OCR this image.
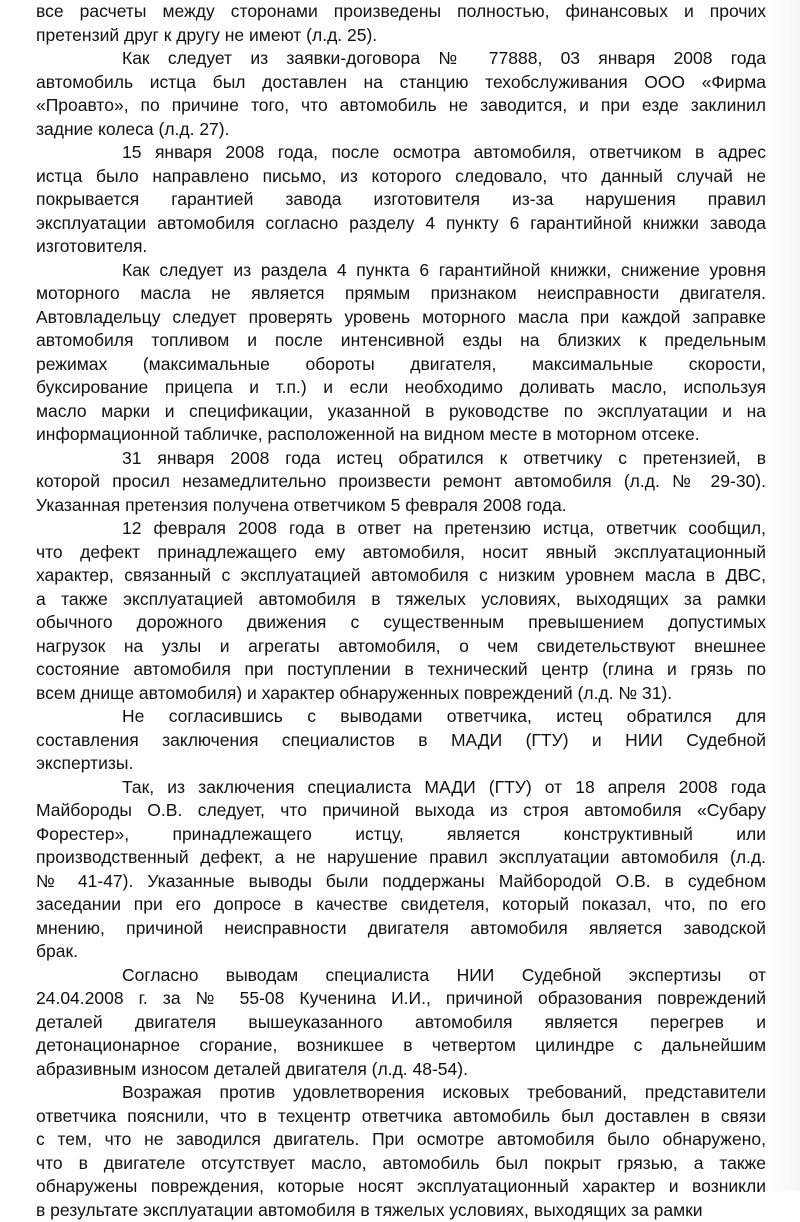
все расчеты между сторонами произведены полностью, финансовых и прочих
претензий друг к другу не имеют (л.д. 25).
Как следует из заявки-договора № 77888, 03 января 2008 года
автомобиль истца был доставлен на станцию техобслуживания ООО «Фирма
«Проавто», по причине того, что автомобиль не заводится, и при езде заклинил
задние колеса (л.д. 27).
15 января 2008 года, после осмотра автомобиля, ответчиком в адрес
истца было направлено письмо, из которого следовало, что данный случай не
покрывается гарантией завода изготовителя из-за нарушения правил
эксплуатации автомобиля согласно разделу 4 пункту 6 гарантийной книжки завода
изготовителя.
Как следует из раздела 4 пункта 6 гарантийной книжки, снижение уровня
моторного масла не является прямым признаком неисправности двигателя.
Автовладельцу следует проверять уровень моторного масла при каждой заправке
автомобиля топливом и после интенсивной езды на близких к предельным
режимах (максимальные обороты двигателя, максимальные скорости,
буксирование прицепа и т.п.) и если необходимо доливать масло, используя
масло марки и спецификации, указанной в руководстве по эксплуатации и на
информационной табличке, расположенной на видном месте в моторном отсеке.
31 января 2008 года истец обратился к ответчику с претензией, в
которой просил незамедлительно произвести ремонт автомобиля (л.д. № 29-30).
Указанная претензия получена ответчиком 5 февраля 2008 года.
12 февраля 2008 года в ответ на претензию истца, ответчик сообщил,
что дефект принадлежащего ему автомобиля, носит явный эксплуатационный
характер, связанный с эксплуатацией автомобиля с низким уровнем масла в ДВС,
а также эксплуатацией автомобиля в тяжелых условиях, выходящих за рамки
обычного дорожного движения с существенным превышением допустимых
нагрузок на узлы и агрегаты автомобиля, о чем свидетельствуют внешнее
состояние автомобиля при поступлении в технический центр (глина и грязь по
всем днище автомобиля) и характер обнаруженных повреждений (л.д. № 31).
Не согласившись с выводами ответчика, истец обратился для
составления заключения специалистов в МАДИ (ГТУ) и НИИ Судебной
экспертизы.
Так, из заключения специалиста МАДИ (ГТУ) от 18 апреля 2008 года
Майбороды О.В. следует, что причиной выхода из строя автомобиля «Субару
Форестер», принадлежащего истцу, является конструктивный или
производственный дефект, а не нарушение правил эксплуатации автомобиля (л.д.
№ 41-47). Указанные выводы были поддержаны Майбородой О.В. в судебном
заседании при его допросе в качестве свидетеля, который показал, что, по его
мнению, причиной неисправности двигателя автомобиля является заводской
брак.
Согласно выводам специалиста НИИ Судебной экспертизы от
24.04.2008 г. за № 55-08 Кученина И.И., причиной образования повреждений
деталей двигателя вышеуказанного автомобиля является перегрев и
детонационарное сгорание, возникшее в четвертом цилиндре с дальнейшим
абразивным износом деталей двигателя (л.д. 48-54).
Возражая против удовлетворения исковых требований, представители
ответчика пояснили, что в техцентр ответчика автомобиль был доставлен в связи
с тем, что не заводился двигатель. При осмотре автомобиля было обнаружено,
что в двигателе отсутствует масло, автомобиль был покрыт грязью, а также
обнаружены повреждения, которые носят эксплуатационный характер и возникли
в результате эксплуатации автомобиля в тяжелых условиях, выходящих за рамки
